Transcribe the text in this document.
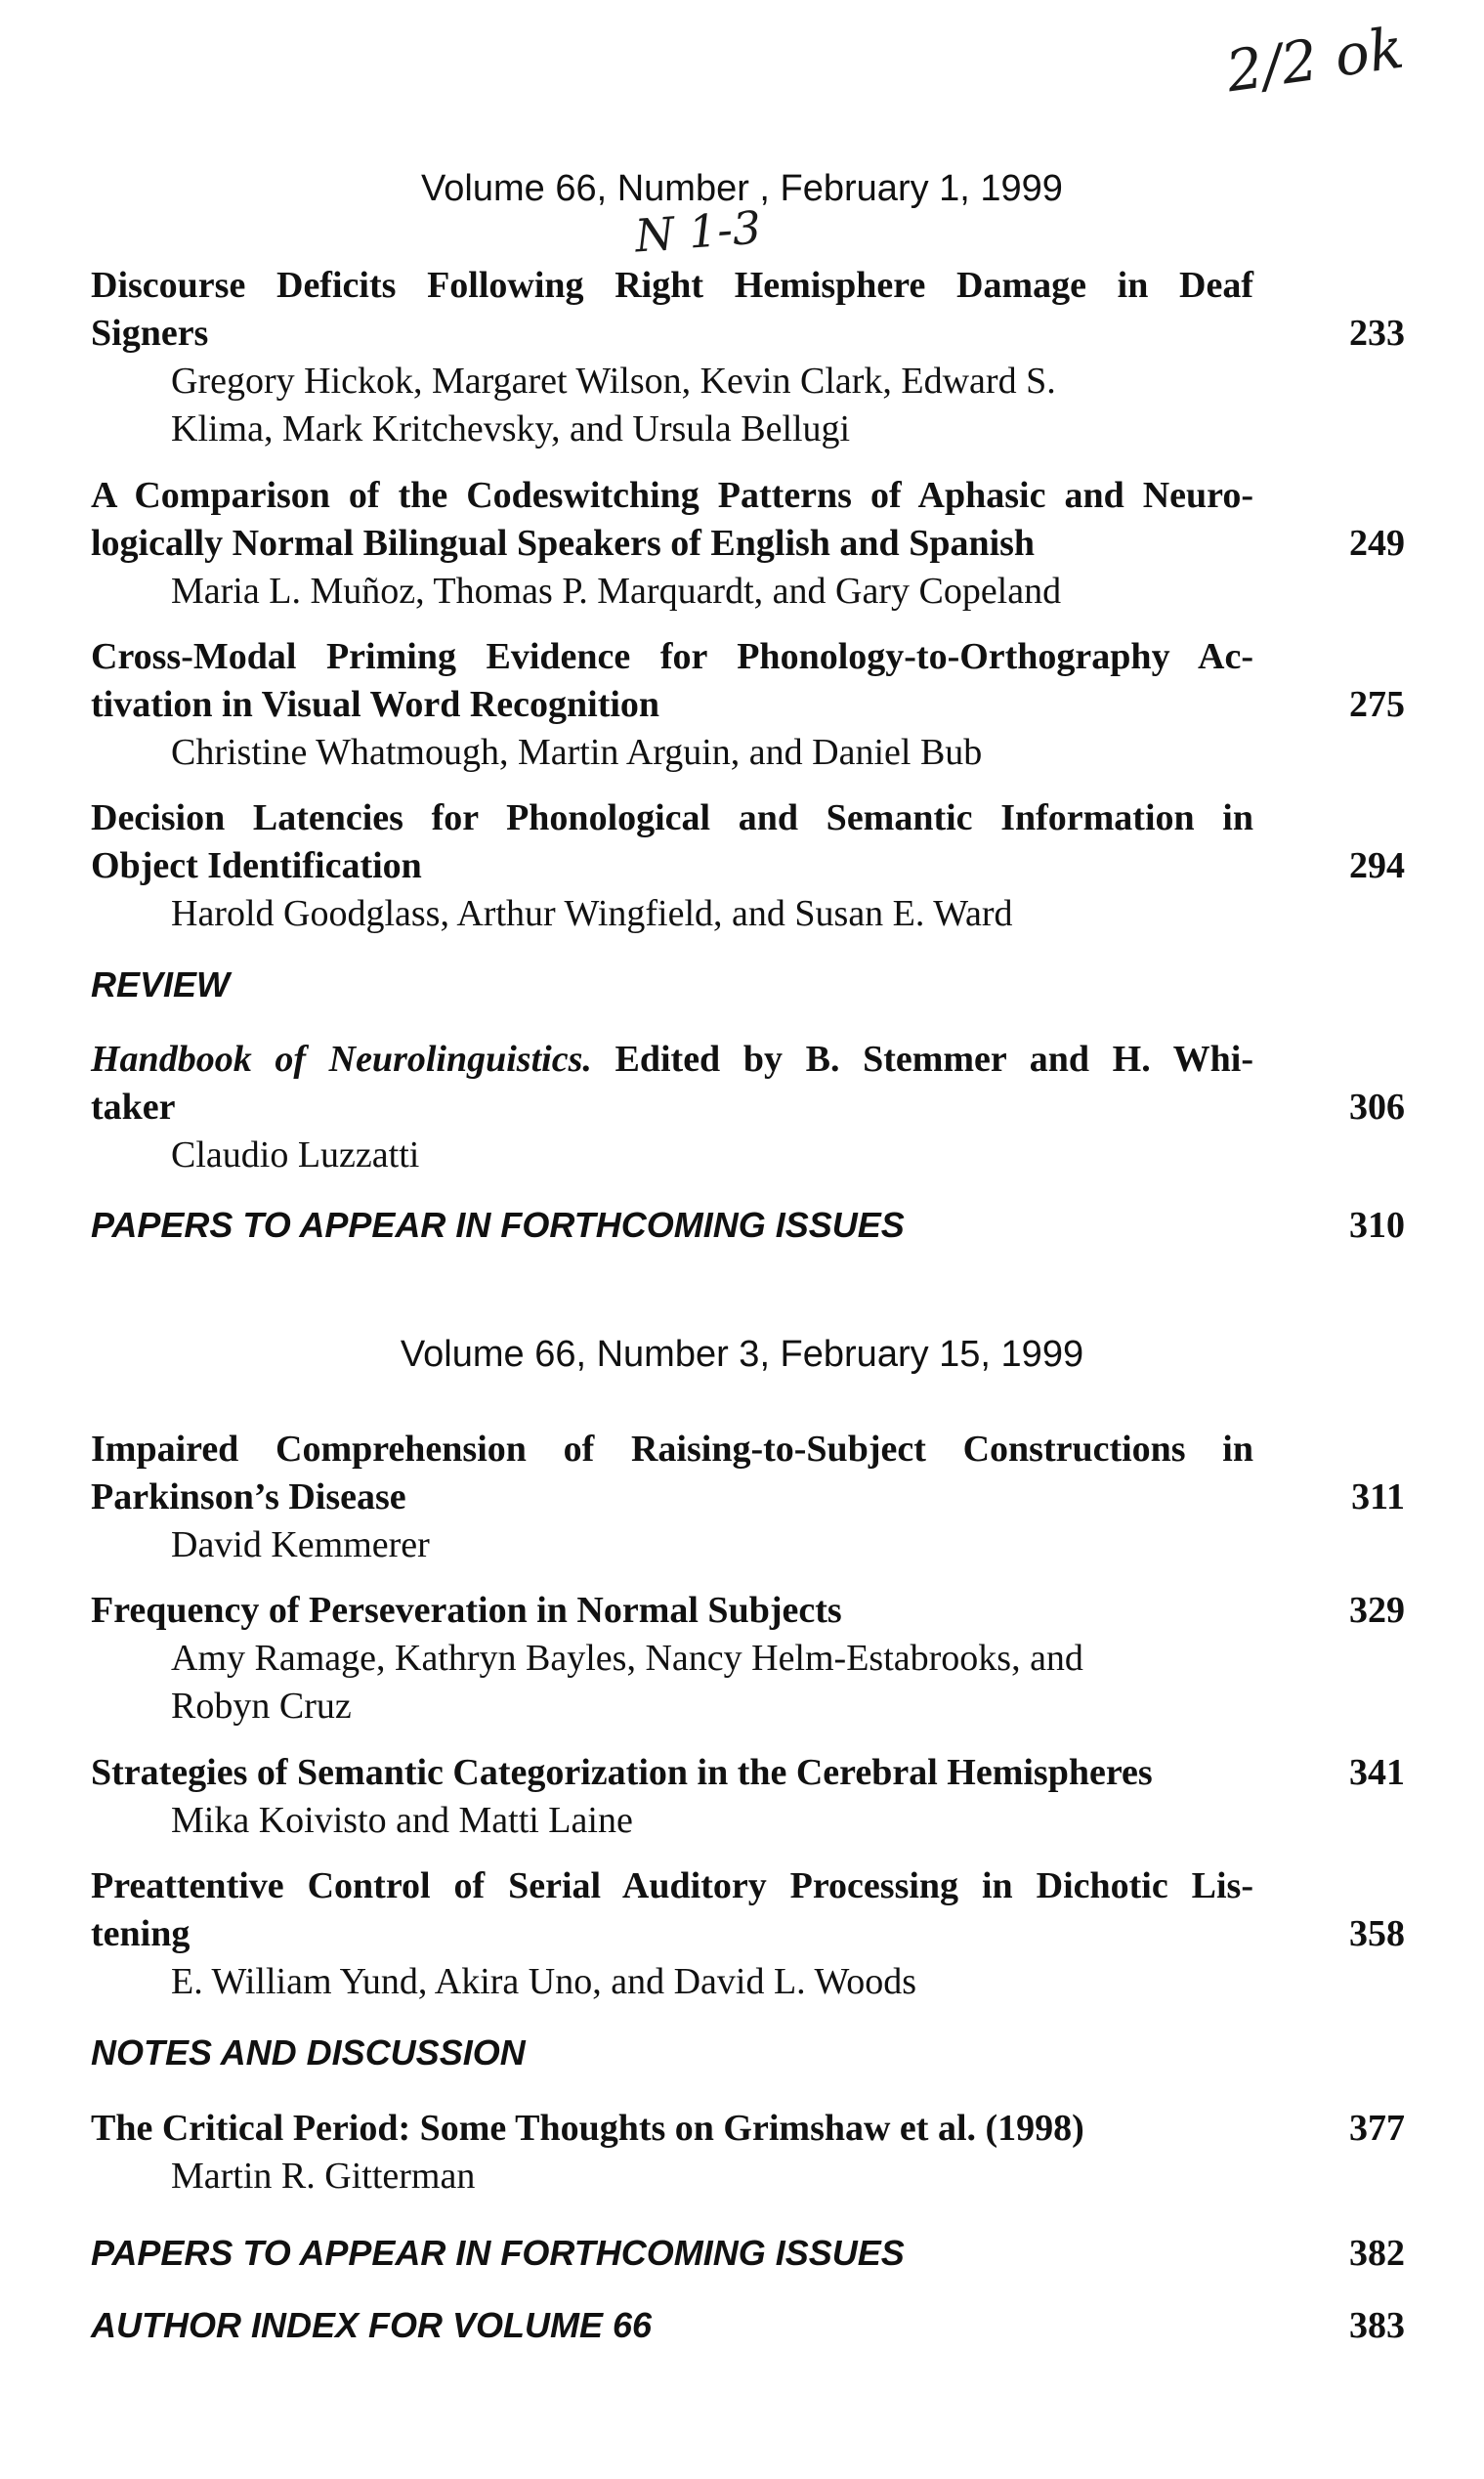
2/2 ok
N 1-3
Volume 66, Number , February 1, 1999
Discourse Deficits Following Right Hemisphere Damage in Deaf
Signers	233
Gregory Hickok, Margaret Wilson, Kevin Clark, Edward S.
Klima, Mark Kritchevsky, and Ursula Bellugi
A Comparison of the Codeswitching Patterns of Aphasic and Neuro-
logically Normal Bilingual Speakers of English and Spanish	249
Maria L. Muñoz, Thomas P. Marquardt, and Gary Copeland
Cross-Modal Priming Evidence for Phonology-to-Orthography Ac-
tivation in Visual Word Recognition	275
Christine Whatmough, Martin Arguin, and Daniel Bub
Decision Latencies for Phonological and Semantic Information in
Object Identification	294
Harold Goodglass, Arthur Wingfield, and Susan E. Ward
REVIEW
Handbook of Neurolinguistics. Edited by B. Stemmer and H. Whi-
taker	306
Claudio Luzzatti
PAPERS TO APPEAR IN FORTHCOMING ISSUES	310
Volume 66, Number 3, February 15, 1999
Impaired Comprehension of Raising-to-Subject Constructions in
Parkinson’s Disease	311
David Kemmerer
Frequency of Perseveration in Normal Subjects	329
Amy Ramage, Kathryn Bayles, Nancy Helm-Estabrooks, and
Robyn Cruz
Strategies of Semantic Categorization in the Cerebral Hemispheres	341
Mika Koivisto and Matti Laine
Preattentive Control of Serial Auditory Processing in Dichotic Lis-
tening	358
E. William Yund, Akira Uno, and David L. Woods
NOTES AND DISCUSSION
The Critical Period: Some Thoughts on Grimshaw et al. (1998)	377
Martin R. Gitterman
PAPERS TO APPEAR IN FORTHCOMING ISSUES	382
AUTHOR INDEX FOR VOLUME 66	383
